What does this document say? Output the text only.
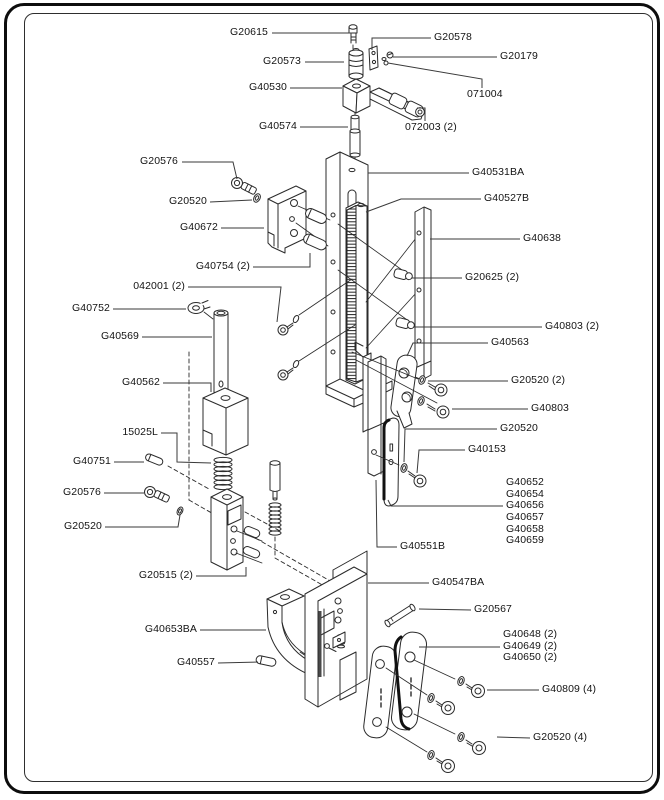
G20615
G20573
G40530
G40574
G20576
G20520
G40672
G40754 (2)
042001 (2)
G40752
G40569
G40562
15025L
G40751
G20576
G20520
G20515 (2)
G40653BA
G40557
G20578
G20179
071004
072003 (2)
G40531BA
G40527B
G40638
G20625 (2)
G40803 (2)
G40563
G20520 (2)
G40803
G20520
G40153
G40652
G40654
G40656
G40657
G40658
G40659
G40551B
G40547BA
G20567
G40648 (2)
G40649 (2)
G40650 (2)
G40809 (4)
G20520 (4)
